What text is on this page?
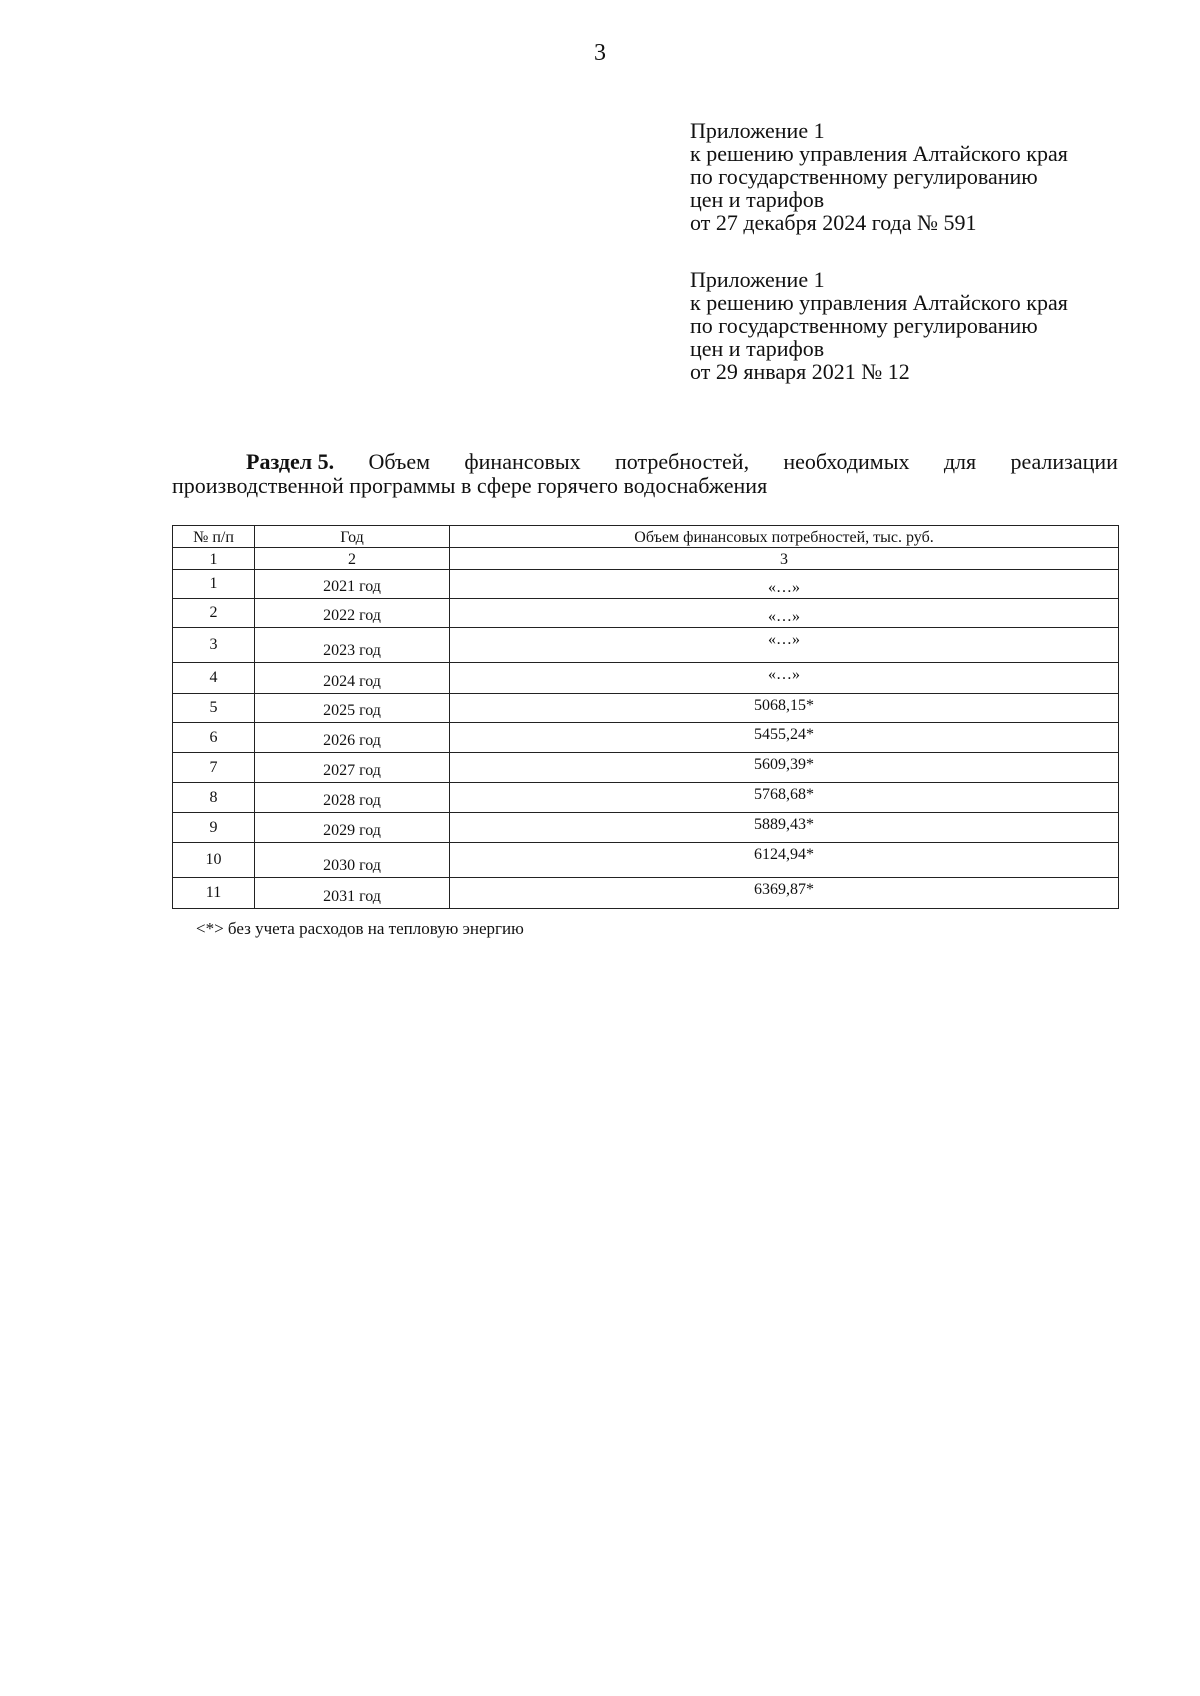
3
Приложение 1
к решению управления Алтайского края
по государственному регулированию
цен и тарифов
от 27 декабря 2024 года № 591
Приложение 1
к решению управления Алтайского края
по государственному регулированию
цен и тарифов
от 29 января 2021 № 12
Раздел 5. Объем финансовых потребностей, необходимых для реализации
производственной программы в сфере горячего водоснабжения
№ п/п	Год	Объем финансовых потребностей, тыс. руб.
1	2	3
1	2021 год	«…»
2	2022 год	«…»
3	2023 год	«…»
4	2024 год	«…»
5	2025 год	5068,15*
6	2026 год	5455,24*
7	2027 год	5609,39*
8	2028 год	5768,68*
9	2029 год	5889,43*
10	2030 год	6124,94*
11	2031 год	6369,87*
<*> без учета расходов на тепловую энергию
